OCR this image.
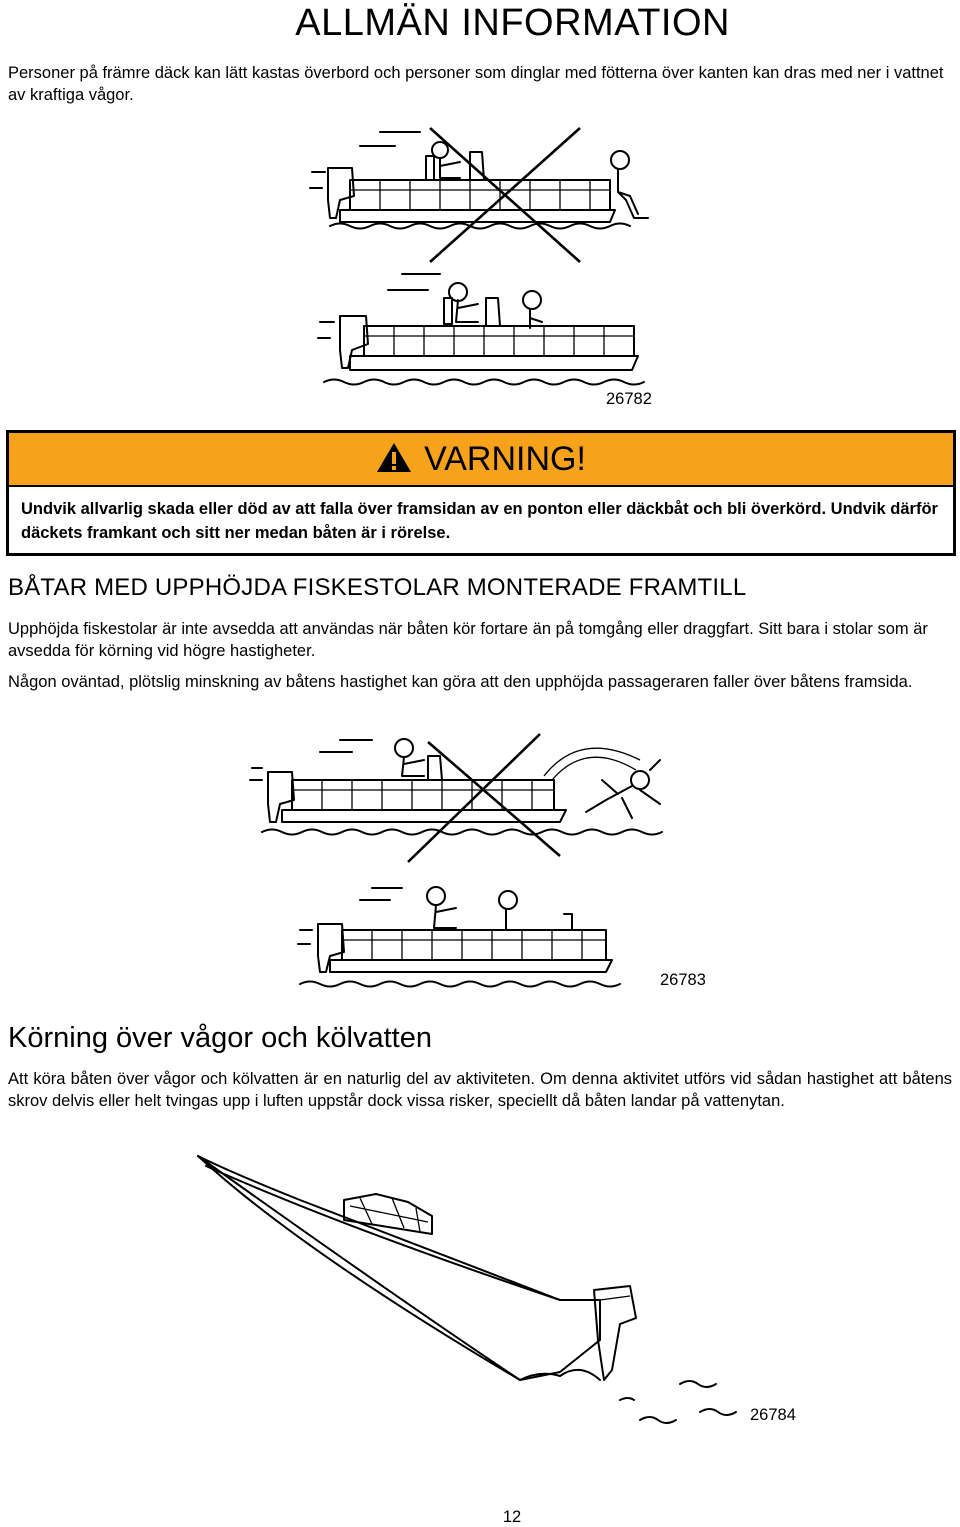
ALLMÄN INFORMATION
Personer på främre däck kan lätt kastas överbord och personer som dinglar med fötterna över kanten kan dras med ner i vattnet av kraftiga vågor.
26782
VARNING!
Undvik allvarlig skada eller död av att falla över framsidan av en ponton eller däckbåt och bli överkörd. Undvik därför däckets framkant och sitt ner medan båten är i rörelse.
BÅTAR MED UPPHÖJDA FISKESTOLAR MONTERADE FRAMTILL
Upphöjda fiskestolar är inte avsedda att användas när båten kör fortare än på tomgång eller draggfart. Sitt bara i stolar som är avsedda för körning vid högre hastigheter.
Någon oväntad, plötslig minskning av båtens hastighet kan göra att den upphöjda passageraren faller över båtens framsida.
26783
Körning över vågor och kölvatten
Att köra båten över vågor och kölvatten är en naturlig del av aktiviteten. Om denna aktivitet utförs vid sådan hastighet att båtens skrov delvis eller helt tvingas upp i luften uppstår dock vissa risker, speciellt då båten landar på vattenytan.
26784
12
